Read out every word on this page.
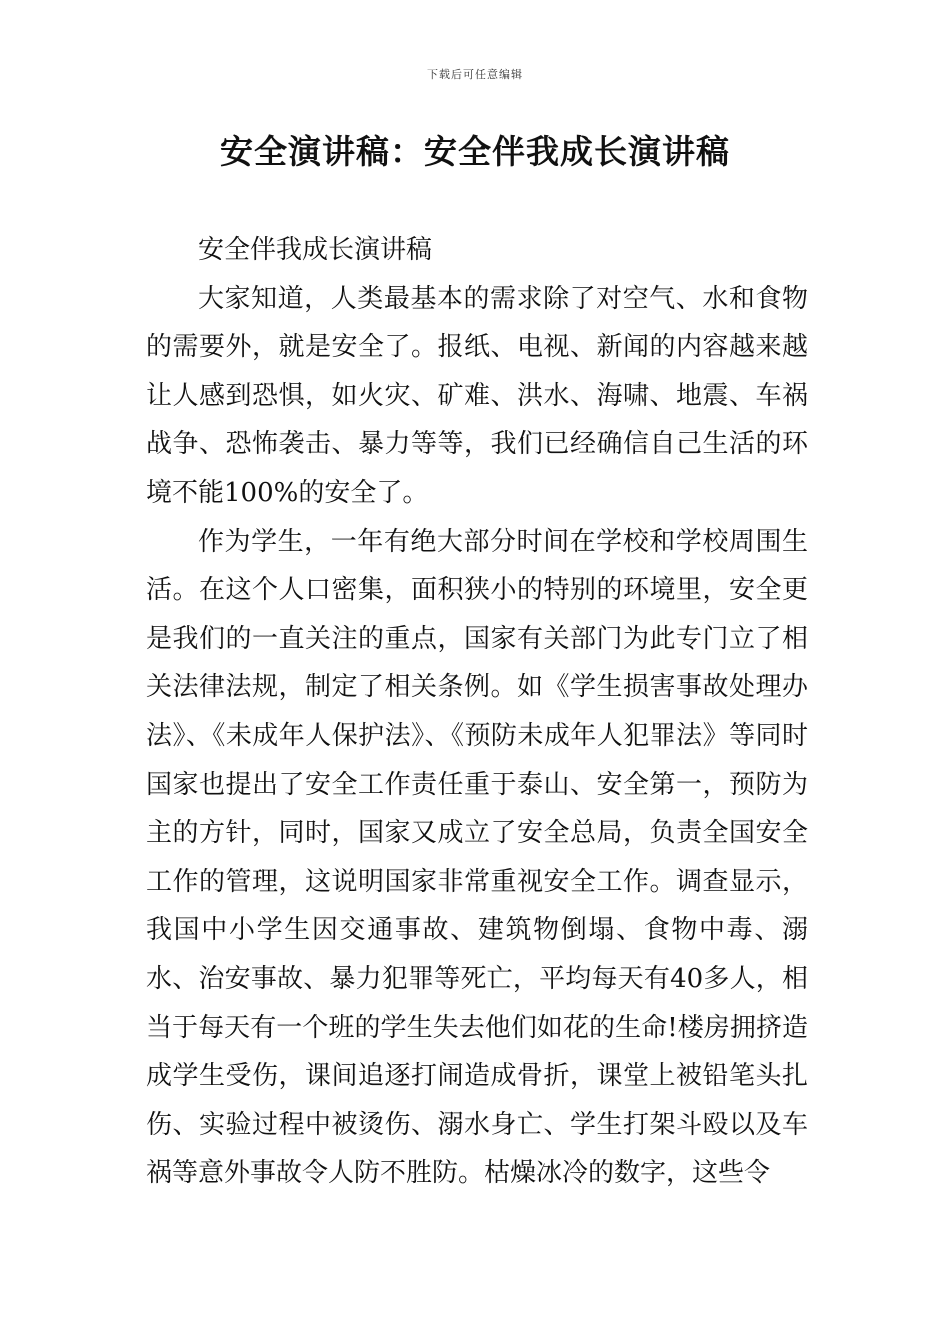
下载后可任意编辑
安全演讲稿：安全伴我成长演讲稿

安全伴我成长演讲稿

大家知道，人类最基本的需求除了对空气、水和食物的需要外，就是安全了。报纸、电视、新闻的内容越来越让人感到恐惧，如火灾、矿难、洪水、海啸、地震、车祸战争、恐怖袭击、暴力等等，我们已经确信自己生活的环境不能100%的安全了。

作为学生，一年有绝大部分时间在学校和学校周围生活。在这个人口密集，面积狭小的特别的环境里，安全更是我们的一直关注的重点，国家有关部门为此专门立了相关法律法规，制定了相关条例。如《学生损害事故处理办法》、《未成年人保护法》、《预防未成年人犯罪法》等同时国家也提出了安全工作责任重于泰山、安全第一，预防为主的方针，同时，国家又成立了安全总局，负责全国安全工作的管理，这说明国家非常重视安全工作。调查显示，我国中小学生因交通事故、建筑物倒塌、食物中毒、溺水、治安事故、暴力犯罪等死亡，平均每天有40多人，相当于每天有一个班的学生失去他们如花的生命!楼房拥挤造成学生受伤，课间追逐打闹造成骨折，课堂上被铅笔头扎伤、实验过程中被烫伤、溺水身亡、学生打架斗殴以及车祸等意外事故令人防不胜防。枯燥冰冷的数字，这些令
